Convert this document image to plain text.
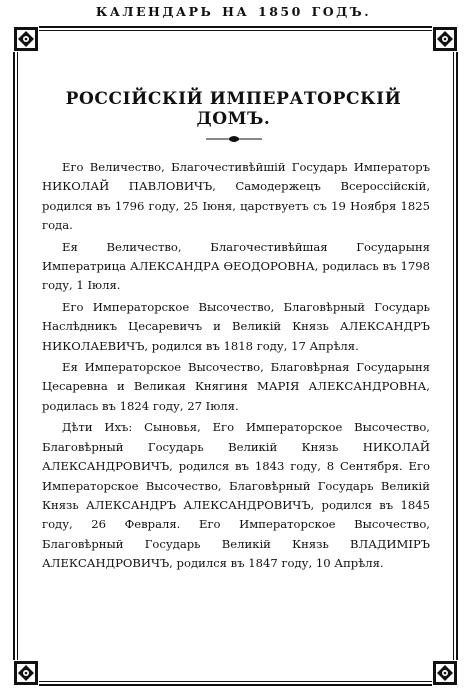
КАЛЕНДАРЬ НА 1850 ГОДЪ.
РОССІЙСКІЙ ИМПЕРАТОРСКІЙ ДОМЪ.

Его Величество, Благочестивѣйшій Государь Императоръ НИКОЛАЙ ПАВЛОВИЧЪ, Самодержецъ Всероссійскій, родился въ 1796 году, 25 Іюня, царствуетъ съ 19 Ноября 1825 года.

Ея Величество, Благочестивѣйшая Государыня Императрица АЛЕКСАНДРА ѲЕОДОРОВНА, родилась въ 1798 году, 1 Іюля.

Его Императорское Высочество, Благовѣрный Государь Наслѣдникъ Цесаревичъ и Великій Князь АЛЕКСАНДРЪ НИКОЛАЕВИЧЪ, родился въ 1818 году, 17 Апрѣля.

Ея Императорское Высочество, Благовѣрная Государыня Цесаревна и Великая Княгиня МАРІЯ АЛЕКСАНДРОВНА, родилась въ 1824 году, 27 Іюля.

Дѣти Ихъ: Сыновья, Его Императорское Высочество, Благовѣрный Государь Великій Князь НИКОЛАЙ АЛЕКСАНДРОВИЧЪ, родился въ 1843 году, 8 Сентября. Его Императорское Высочество, Благовѣрный Государь Великій Князь АЛЕКСАНДРЪ АЛЕКСАНДРОВИЧЪ, родился въ 1845 году, 26 Февраля. Его Императорское Высочество, Благовѣрный Государь Великій Князь ВЛАДИМІРЪ АЛЕКСАНДРОВИЧЪ, родился въ 1847 году, 10 Апрѣля.
